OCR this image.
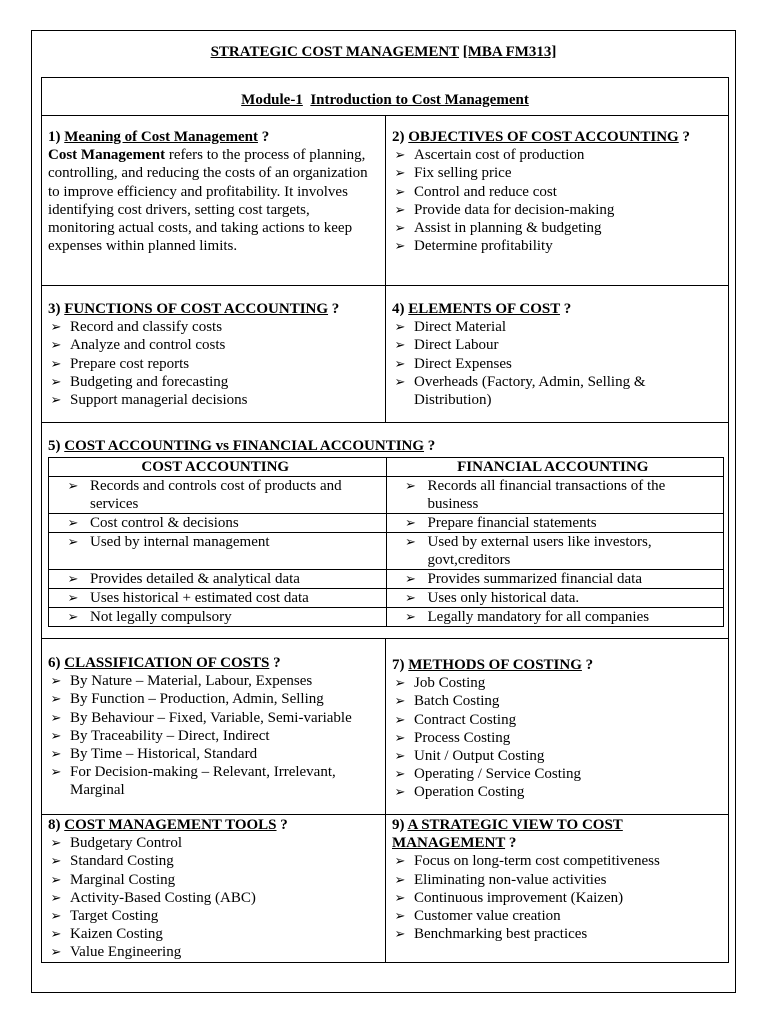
STRATEGIC COST MANAGEMENT [MBA FM313]
Module-1 Introduction to Cost Management
1) Meaning of Cost Management ?
Cost Management refers to the process of planning, controlling, and reducing the costs of an organization to improve efficiency and profitability. It involves identifying cost drivers, setting cost targets, monitoring actual costs, and taking actions to keep expenses within planned limits.
2) OBJECTIVES OF COST ACCOUNTING ?
➢ Ascertain cost of production
➢ Fix selling price
➢ Control and reduce cost
➢ Provide data for decision-making
➢ Assist in planning & budgeting
➢ Determine profitability
3) FUNCTIONS OF COST ACCOUNTING ?
➢ Record and classify costs
➢ Analyze and control costs
➢ Prepare cost reports
➢ Budgeting and forecasting
➢ Support managerial decisions
4) ELEMENTS OF COST ?
➢ Direct Material
➢ Direct Labour
➢ Direct Expenses
➢ Overheads (Factory, Admin, Selling & Distribution)
5) COST ACCOUNTING vs FINANCIAL ACCOUNTING ?
COST ACCOUNTING	FINANCIAL ACCOUNTING

➢ Records and controls cost of products and services	➢ Records all financial transactions of the business

➢ Cost control & decisions	➢ Prepare financial statements

➢ Used by internal management	➢ Used by external users like investors, govt,creditors

➢ Provides detailed & analytical data	➢ Provides summarized financial data

➢ Uses historical + estimated cost data	➢ Uses only historical data.

➢ Not legally compulsory	➢ Legally mandatory for all companies
6) CLASSIFICATION OF COSTS ?
➢ By Nature – Material, Labour, Expenses
➢ By Function – Production, Admin, Selling
➢ By Behaviour – Fixed, Variable, Semi-variable
➢ By Traceability – Direct, Indirect
➢ By Time – Historical, Standard
➢ For Decision-making – Relevant, Irrelevant, Marginal
7) METHODS OF COSTING ?
➢ Job Costing
➢ Batch Costing
➢ Contract Costing
➢ Process Costing
➢ Unit / Output Costing
➢ Operating / Service Costing
➢ Operation Costing
8) COST MANAGEMENT TOOLS ?
➢ Budgetary Control
➢ Standard Costing
➢ Marginal Costing
➢ Activity-Based Costing (ABC)
➢ Target Costing
➢ Kaizen Costing
➢ Value Engineering
9) A STRATEGIC VIEW TO COST MANAGEMENT ?
➢ Focus on long-term cost competitiveness
➢ Eliminating non-value activities
➢ Continuous improvement (Kaizen)
➢ Customer value creation
➢ Benchmarking best practices
